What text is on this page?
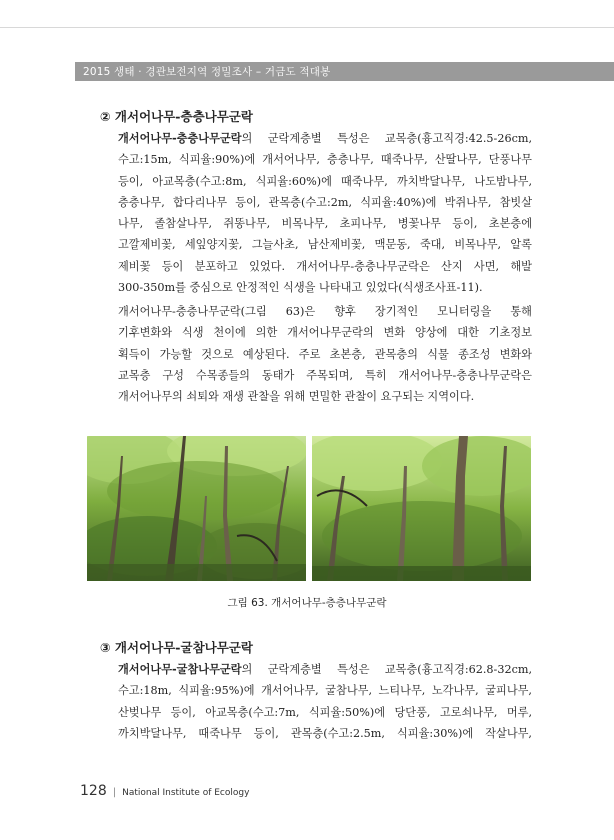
2015 생태 · 경관보전지역 정밀조사 – 거금도 적대봉
② 개서어나무-층층나무군락
개서어나무-층층나무군락의 군락계층별 특성은 교목층(흉고직경:42.5-26cm,
수고:15m, 식피율:90%)에 개서어나무, 층층나무, 때죽나무, 산딸나무, 단풍나무
등이, 아교목층(수고:8m, 식피율:60%)에 때죽나무, 까치박달나무, 나도밤나무,
층층나무, 합다리나무 등이, 관목층(수고:2m, 식피율:40%)에 박쥐나무, 참빗살
나무, 졸참살나무, 쥐똥나무, 비목나무, 초피나무, 병꽃나무 등이, 초본층에
고깔제비꽃, 세잎양지꽃, 그늘사초, 남산제비꽃, 맥문동, 죽대, 비목나무, 알록
제비꽃 등이 분포하고 있었다. 개서어나무-층층나무군락은 산지 사면, 해발
300-350m를 중심으로 안정적인 식생을 나타내고 있었다(식생조사표-11).
개서어나무-층층나무군락(그림 63)은 향후 장기적인 모니터링을 통해
기후변화와 식생 천이에 의한 개서어나무군락의 변화 양상에 대한 기초정보
획득이 가능할 것으로 예상된다. 주로 초본층, 관목층의 식물 종조성 변화와
교목층 구성 수목종들의 동태가 주목되며, 특히 개서어나무-층층나무군락은
개서어나무의 쇠퇴와 재생 관찰을 위해 면밀한 관찰이 요구되는 지역이다.
그림 63. 개서어나무-층층나무군락
③ 개서어나무-굴참나무군락
개서어나무-굴참나무군락의 군락계층별 특성은 교목층(흉고직경:62.8-32cm,
수고:18m, 식피율:95%)에 개서어나무, 굴참나무, 느티나무, 노각나무, 굴피나무,
산벚나무 등이, 아교목층(수고:7m, 식피율:50%)에 당단풍, 고로쇠나무, 머루,
까치박달나무, 때죽나무 등이, 관목층(수고:2.5m, 식피율:30%)에 작살나무,
128 | National Institute of Ecology
